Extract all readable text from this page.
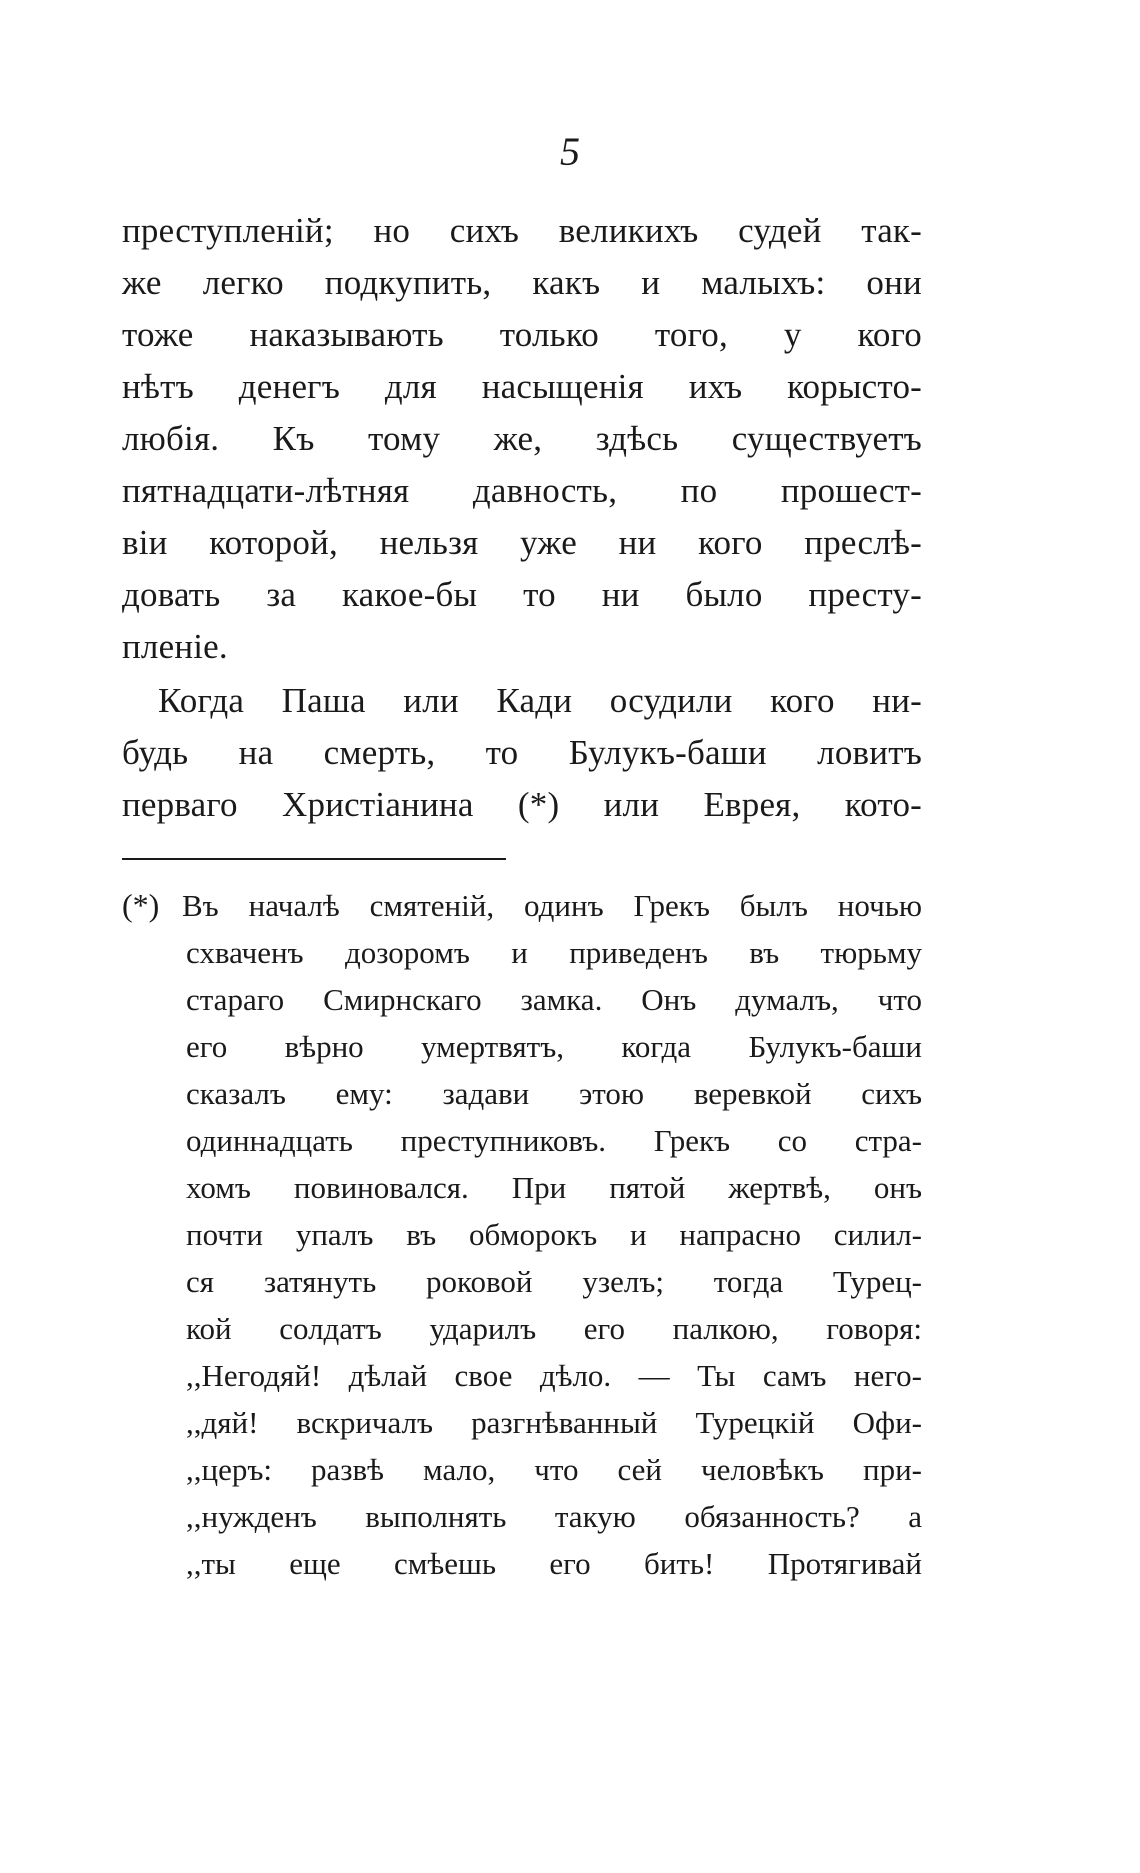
5
преступленій; но сихъ великихъ судей так-
же легко подкупить, какъ и малыхъ: они
тоже наказывають только того, у кого
нѣтъ денегъ для насыщенія ихъ корысто-
любія. Къ тому же, здѣсь существуетъ
пятнадцати-лѣтняя давность, по прошест-
віи которой, нельзя уже ни кого преслѣ-
довать за какое-бы то ни было престу-
пленіе.
Когда Паша или Кади осудили кого ни-
будь на смерть, то Булукъ-баши ловитъ
перваго Христіанина (*) или Еврея, кото-
(*) Въ началѣ смятеній, одинъ Грекъ былъ ночью
схваченъ дозоромъ и приведенъ въ тюрьму
стараго Смирнскаго замка. Онъ думалъ, что
его вѣрно умертвятъ, когда Булукъ-баши
сказалъ ему: задави этою веревкой сихъ
одиннадцать преступниковъ. Грекъ со стра-
хомъ повиновался. При пятой жертвѣ, онъ
почти упалъ въ обморокъ и напрасно силил-
ся затянуть роковой узелъ; тогда Турец-
кой солдатъ ударилъ его палкою, говоря:
,,Негодяй! дѣлай свое дѣло. — Ты самъ него-
,,дяй! вскричалъ разгнѣванный Турецкій Офи-
,,церъ: развѣ мало, что сей человѣкъ при-
,,нужденъ выполнять такую обязанность? а
,,ты еще смѣешь его бить! Протягивай
